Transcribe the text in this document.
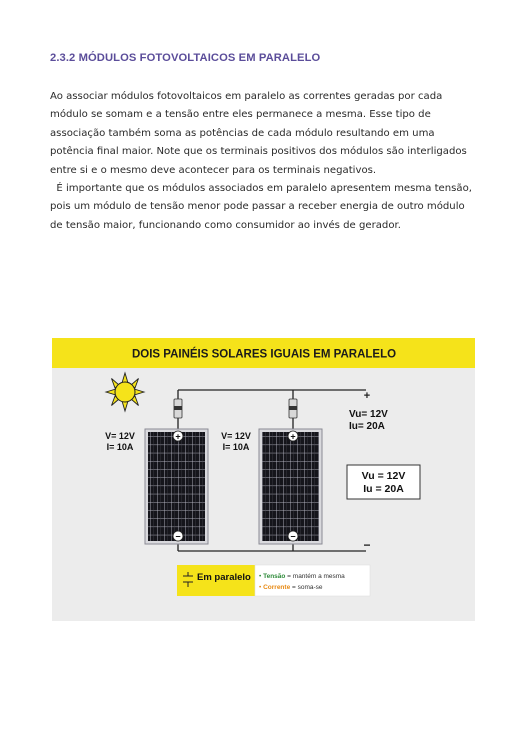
2.3.2 MÓDULOS FOTOVOLTAICOS EM PARALELO

Ao associar módulos fotovoltaicos em paralelo as correntes geradas por cada módulo se somam e a tensão entre eles permanece a mesma. Esse tipo de associação também soma as potências de cada módulo resultando em uma potência final maior. Note que os terminais positivos dos módulos são interligados entre si e o mesmo deve acontecer para os terminais negativos.

É importante que os módulos associados em paralelo apresentem mesma tensão, pois um módulo de tensão menor pode passar a receber energia de outro módulo de tensão maior, funcionando como consumidor ao invés de gerador.

DOIS PAINÉIS SOLARES IGUAIS EM PARALELO
+
−
+
−
+
−
V= 12V
I= 10A
V= 12V
I= 10A
Vu= 12V
Iu= 20A
Vu = 12V
Iu = 20A
Em paralelo • Tensão = mantém a mesma
• Corrente = soma-se
